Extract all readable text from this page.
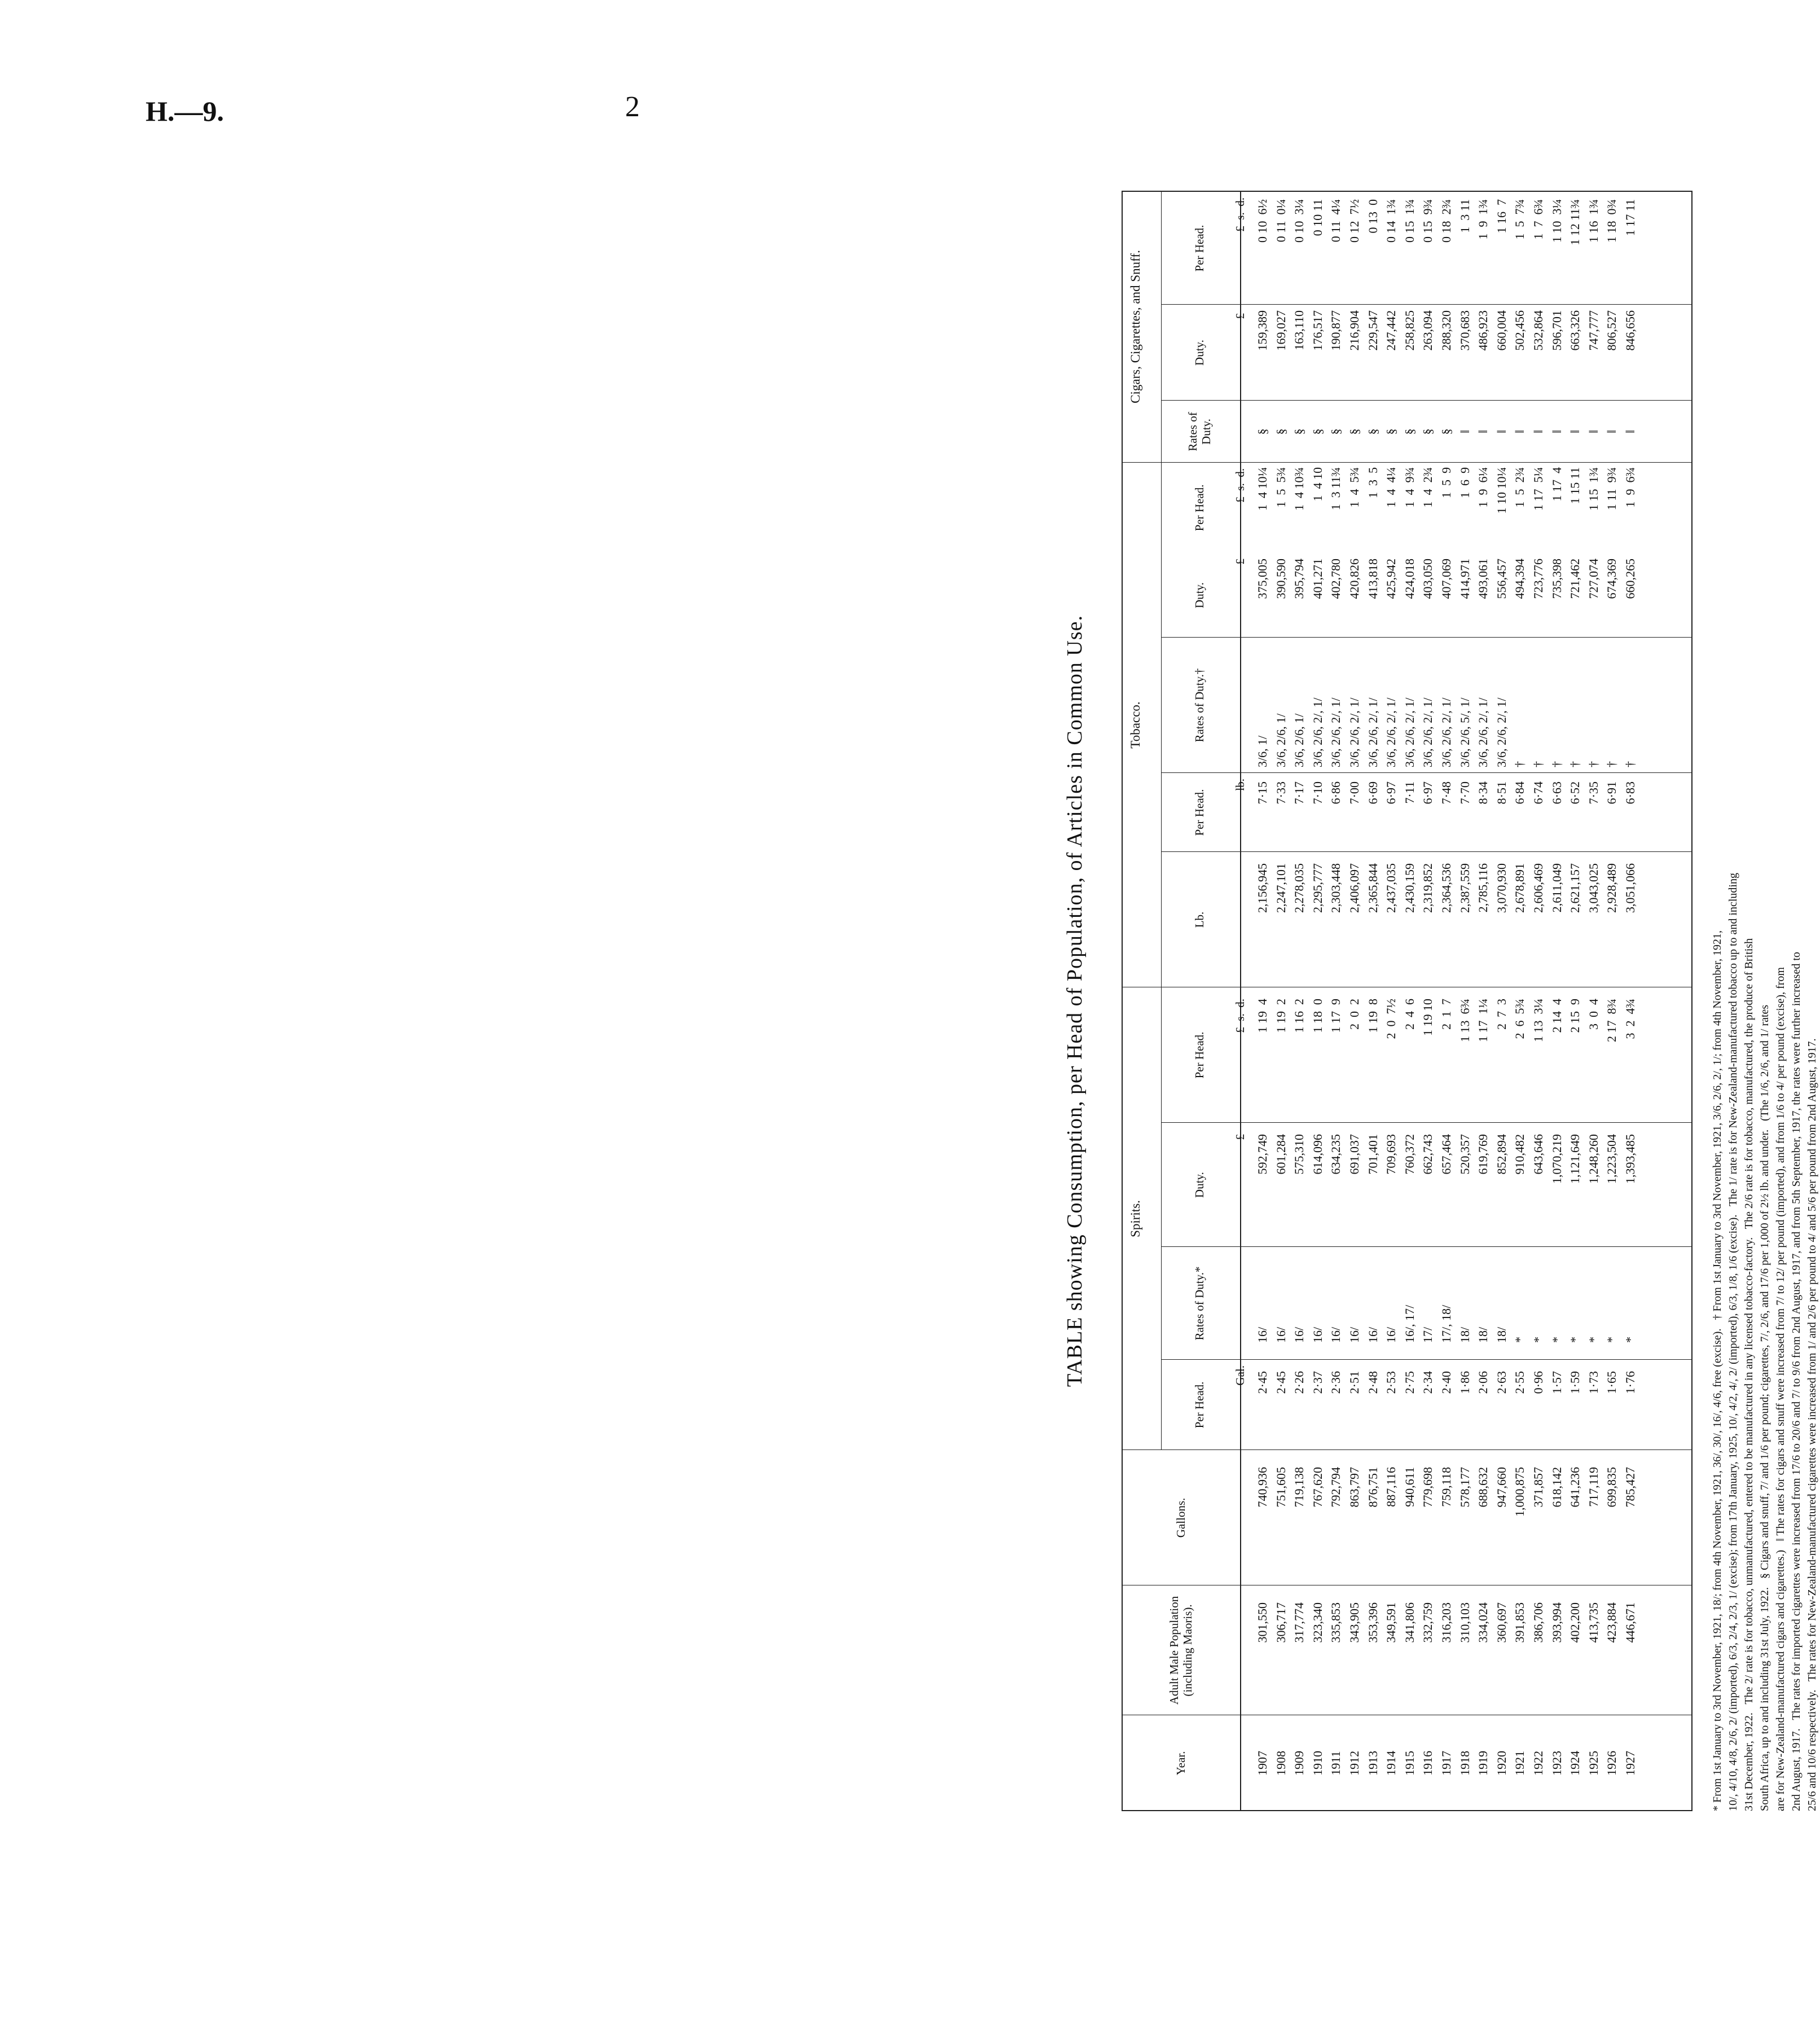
H.—9.	2
TABLE showing Consumption, per Head of Population, of Articles in Common Use.	Spirits.
Tobacco.
Cigars, Cigarettes, and Snuff.
Year.
Adult Male Population (including Maoris).
Gallons.
Per Head.
Rates of Duty.*
Duty.
Per Head.
Lb.
Per Head.
Rates of Duty.†
Duty.
Per Head.
Rates of Duty.
Duty.
Per Head.
Gal.
£
£  s.  d.
lb.
£
£  s.  d.
£
£  s.  d.
1907 1908 1909 1910 1911 1912 1913 1914 1915 1916 1917 1918 1919 1920 1921 1922 1923 1924 1925 1926 1927
301,550 306,717 317,774 323,340 335,853 343,905 353,396 349,591 341,806 332,759 316,203 310,103 334,024 360,697 391,853 386,706 393,994 402,200 413,735 423,884 446,671
740,936 751,605 719,138 767,620 792,794 863,797 876,751 887,116 940,611 779,698 759,118 578,177 688,632 947,660 1,000,875 371,857 618,142 641,236 717,119 699,835 785,427
2·45 2·45 2·26 2·37 2·36 2·51 2·48 2·53 2·75 2·34 2·40 1·86 2·06 2·63 2·55 0·96 1·57 1·59 1·73 1·65 1·76
16/ 16/ 16/ 16/ 16/ 16/ 16/ 16/ 16/, 17/ 17/ 17/, 18/ 18/ 18/ 18/ * * * * * * *
592,749 601,284 575,310 614,096 634,235 691,037 701,401 709,693 760,372 662,743 657,464 520,357 619,769 852,894 910,482 643,646 1,070,219 1,121,649 1,248,260 1,223,504 1,393,485
1 19  4 1 19  2 1 16  2 1 18  0 1 17  9 2  0  2 1 19  8 2  0  7½ 2  4  6 1 19 10 2  1  7 1 13  6¾ 1 17  1¼ 2  7  3 2  6  5¾ 1 13  3¼ 2 14  4 2 15  9 3  0  4 2 17  8¾ 3  2  4¾
2,156,945 2,247,101 2,278,035 2,295,777 2,303,448 2,406,097 2,365,844 2,437,035 2,430,159 2,319,852 2,364,536 2,387,559 2,785,116 3,070,930 2,678,891 2,606,469 2,611,049 2,621,157 3,043,025 2,928,489 3,051,066
7·15 7·33 7·17 7·10 6·86 7·00 6·69 6·97 7·11 6·97 7·48 7·70 8·34 8·51 6·84 6·74 6·63 6·52 7·35 6·91 6·83
3/6, 1/ 3/6, 2/6, 1/ 3/6, 2/6, 1/ 3/6, 2/6, 2/, 1/ 3/6, 2/6, 2/, 1/ 3/6, 2/6, 2/, 1/ 3/6, 2/6, 2/, 1/ 3/6, 2/6, 2/, 1/ 3/6, 2/6, 2/, 1/ 3/6, 2/6, 2/, 1/ 3/6, 2/6, 2/, 1/ 3/6, 2/6, 5/, 1/ 3/6, 2/6, 2/, 1/ 3/6, 2/6, 2/, 1/ † † † † † † †
375,005 390,590 395,794 401,271 402,780 420,826 413,818 425,942 424,018 403,050 407,069 414,971 493,061 556,457 494,394 723,776 735,398 721,462 727,074 674,369 660,265
1  4 10¼ 1  5  5¾ 1  4 10¾ 1  4 10 1  3 11¾ 1  4  5¾ 1  3  5 1  4  4¼ 1  4  9¾ 1  4  2¾ 1  5  9 1  6  9 1  9  6¼ 1 10 10¼ 1  5  2¾ 1 17  5¼ 1 17  4 1 15 11 1 15  1¾ 1 11  9¾ 1  9  6¾
§ § § § § § § § § § § ‖ ‖ ‖ ‖ ‖ ‖ ‖ ‖ ‖ ‖
159,389 169,027 163,110 176,517 190,877 216,904 229,547 247,442 258,825 263,094 288,320 370,683 486,923 660,004 502,456 532,864 596,701 663,326 747,777 806,527 846,656
0 10  6½ 0 11  0¼ 0 10  3¼ 0 10 11 0 11  4¼ 0 12  7½ 0 13  0 0 14  1¾ 0 15  1¾ 0 15  9¾ 0 18  2¾ 1  3 11 1  9  1¾ 1 16  7 1  5  7¾ 1  7  6¾ 1 10  3¼ 1 12 11¾ 1 16  1¾ 1 18  0¾ 1 17 11
* From 1st January to 3rd November, 1921, 18/; from 4th November, 1921, 36/, 30/, 16/, 4/6, free (excise).   † From 1st January to 3rd November, 1921, 3/6, 2/6, 2/, 1/; from 4th November, 1921, 10/, 4/10, 4/8, 2/6, 2/ (imported), 6/3, 2/4, 2/3, 1/ (excise); from 17th January, 1925, 10/, 4/2, 4/, 2/ (imported), 6/3, 1/8, 1/6 (excise).   The 1/ rate is for New-Zealand-manufactured tobacco up to and including 31st December, 1922.   The 2/ rate is for tobacco, unmanufactured, entered to be manufactured in any licensed tobacco-factory.   The 2/6 rate is for tobacco, manufactured, the produce of British South Africa, up to and including 31st July, 1922.   § Cigars and snuff, 7/ and 1/6 per pound; cigarettes, 7/, 2/6, and 17/6 per 1,000 of 2½ lb. and under.   (The 1/6, 2/6, and 1/ rates are for New-Zealand-manufactured cigars and cigarettes.)   ‖ The rates for cigars and snuff were increased from 7/ to 12/ per pound (imported), and from 1/6 to 4/ per pound (excise), from 2nd August, 1917.   The rates for imported cigarettes were increased from 17/6 to 20/6 and 7/ to 9/6 from 2nd August, 1917, and from 5th September, 1917, the rates were further increased to 25/6 and 10/6 respectively.   The rates for New-Zealand-manufactured cigarettes were increased from 1/ and 2/6 per pound to 4/ and 5/6 per pound from 2nd August, 1917.
